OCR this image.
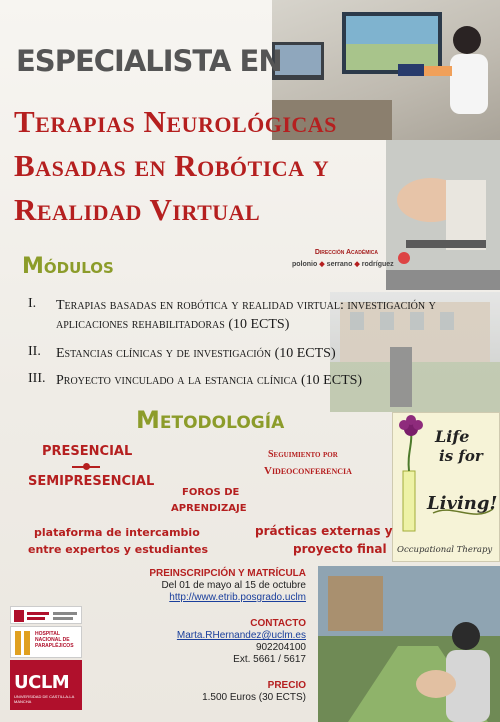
Life
is for
Living!
Occupational Therapy
ESPECIALISTA EN
Terapias Neurológicas
Basadas en Robótica y
Realidad Virtual
Dirección Académica
polonio ◆ serrano ◆ rodríguez
Módulos
I.	Terapias basadas en robótica y realidad virtual: investigación y aplicaciones rehabilitadoras (10 ECTS)
II.	Estancias clínicas y de investigación (10 ECTS)
III. Proyecto vinculado a la estancia clínica (10 ECTS)
Metodología
PRESENCIAL
SEMIPRESENCIAL
Seguimiento por
Videoconferencia
FOROS DE
APRENDIZAJE
plataforma de intercambio
entre expertos y estudiantes
prácticas externas y
proyecto final
PREINSCRIPCIÓN Y MATRÍCULA
Del 01 de mayo al 15 de octubre
http://www.etrib.posgrado.uclm
CONTACTO
Marta.RHernandez@uclm.es
902204100
Ext. 5661 / 5617
PRECIO
1.500 Euros (30 ECTS)
HOSPITAL
NACIONAL DE
PARAPLÉJICOS
UCLM
UNIVERSIDAD DE CASTILLA-LA MANCHA
